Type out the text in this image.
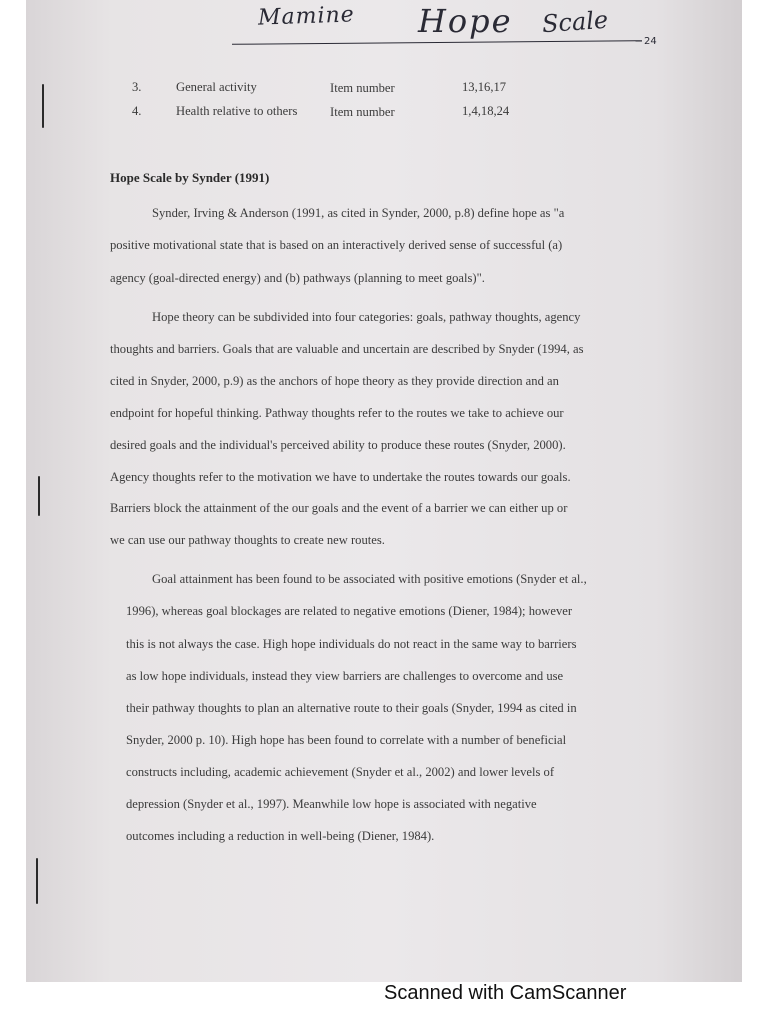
Mamine Hope Scale
24
3.	General activity	Item number	13,16,17
4.	Health relative to others	Item number	1,4,18,24
Hope Scale by Synder (1991)
Synder, Irving & Anderson (1991, as cited in Synder, 2000, p.8) define hope as "a
positive motivational state that is based on an interactively derived sense of successful (a)
agency (goal-directed energy) and (b) pathways (planning to meet goals)".
Hope theory can be subdivided into four categories: goals, pathway thoughts, agency
thoughts and barriers. Goals that are valuable and uncertain are described by Snyder (1994, as
cited in Snyder, 2000, p.9) as the anchors of hope theory as they provide direction and an
endpoint for hopeful thinking. Pathway thoughts refer to the routes we take to achieve our
desired goals and the individual's perceived ability to produce these routes (Snyder, 2000).
Agency thoughts refer to the motivation we have to undertake the routes towards our goals.
Barriers block the attainment of the our goals and the event of a barrier we can either up or
we can use our pathway thoughts to create new routes.
Goal attainment has been found to be associated with positive emotions (Snyder et al.,
1996), whereas goal blockages are related to negative emotions (Diener, 1984); however
this is not always the case. High hope individuals do not react in the same way to barriers
as low hope individuals, instead they view barriers are challenges to overcome and use
their pathway thoughts to plan an alternative route to their goals (Snyder, 1994 as cited in
Snyder, 2000 p. 10). High hope has been found to correlate with a number of beneficial
constructs including, academic achievement (Snyder et al., 2002) and lower levels of
depression (Snyder et al., 1997). Meanwhile low hope is associated with negative
outcomes including a reduction in well-being (Diener, 1984).
Scanned with CamScanner
